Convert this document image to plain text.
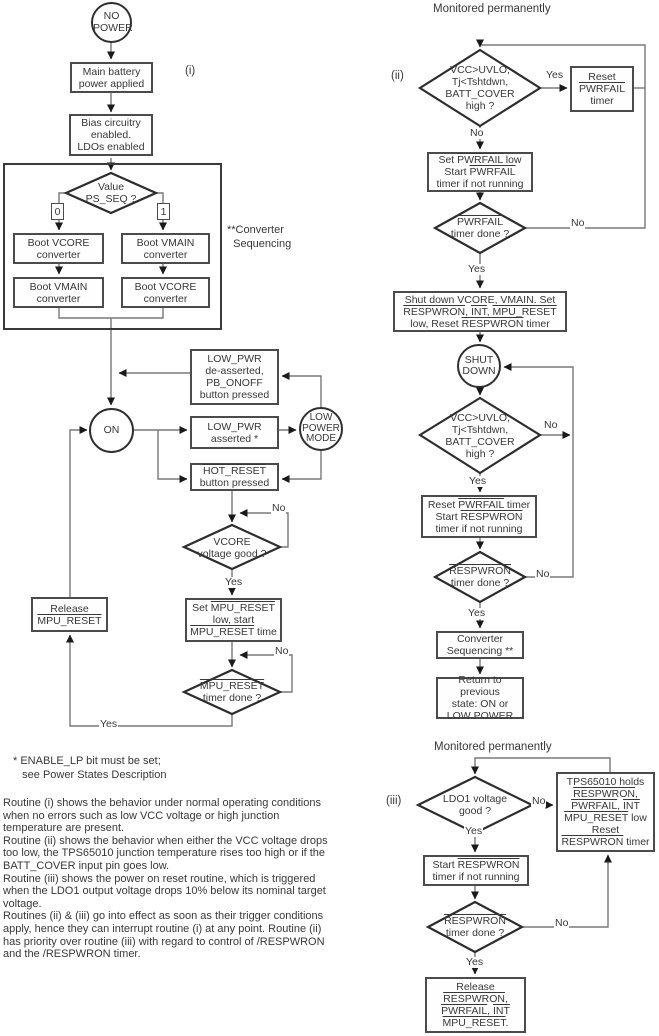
NO
POWER
ON
LOW
POWER
MODE
SHUT
DOWN
Main battery
power applied
Bias circuitry
enabled.
LDOs enabled
Boot VCORE
converter
Boot VMAIN
converter
Boot VMAIN
converter
Boot VCORE
converter
0	1
LOW_PWR
de-asserted,
PB_ONOFF
button pressed
LOW_PWR
asserted *
HOT_RESET
button pressed
Set MPU_RESET
low, start
MPU_RESET time
Release
MPU_RESET
Reset
PWRFAIL
timer
Set PWRFAIL low
Start PWRFAIL
timer if not running
Shut down VCORE, VMAIN. Set
RESPWRON, $\overline{INT}$, MPU_RESET
low, Reset RESPWRON timer
Reset PWRFAIL timer
Start RESPWRON
timer if not running
Converter
Sequencing **
Return to previous
state: ON or
LOW POWER
TPS65010 holds
RESPWRON,
PWRFAIL, $\overline{INT}$
MPU_RESET low
Reset
RESPWRON timer
Start RESPWRON
timer if not running
Release
RESPWRON,
PWRFAIL, $\overline{INT}$
MPU_RESET.
Value
PS_SEQ ?
VCORE
voltage good ?
MPU_RESET
timer done ?
VCC>UVLO,
Tj<Tshtdwn,
BATT_COVER
high ?
PWRFAIL
timer done ?
VCC>UVLO,
Tj<Tshtdwn,
BATT_COVER
high ?
RESPWRON
timer done ?
LDO1 voltage
good ?
RESPWRON
timer done ?
(i)	(ii)
(iii)
Monitored permanently
Monitored permanently
**Converter
Sequencing
* ENABLE_LP bit must be set;
see Power States Description
No
Yes
No
Yes
Yes
No
No
Yes
No
Yes
No
Yes
No
Yes
No
Yes
Routine (i) shows the behavior under normal operating conditions when no errors such as low VCC voltage or high junction temperature are present.
Routine (ii) shows the behavior when either the VCC voltage drops too low, the TPS65010 junction temperature rises too high or if the BATT_COVER input pin goes low.
Routine (iii) shows the power on reset routine, which is triggered when the LDO1 output voltage drops 10% below its nominal target voltage.
Routines (ii) & (iii) go into effect as soon as their trigger conditions apply, hence they can interrupt routine (i) at any point. Routine (ii) has priority over routine (iii) with regard to control of /RESPWRON and the /RESPWRON timer.
